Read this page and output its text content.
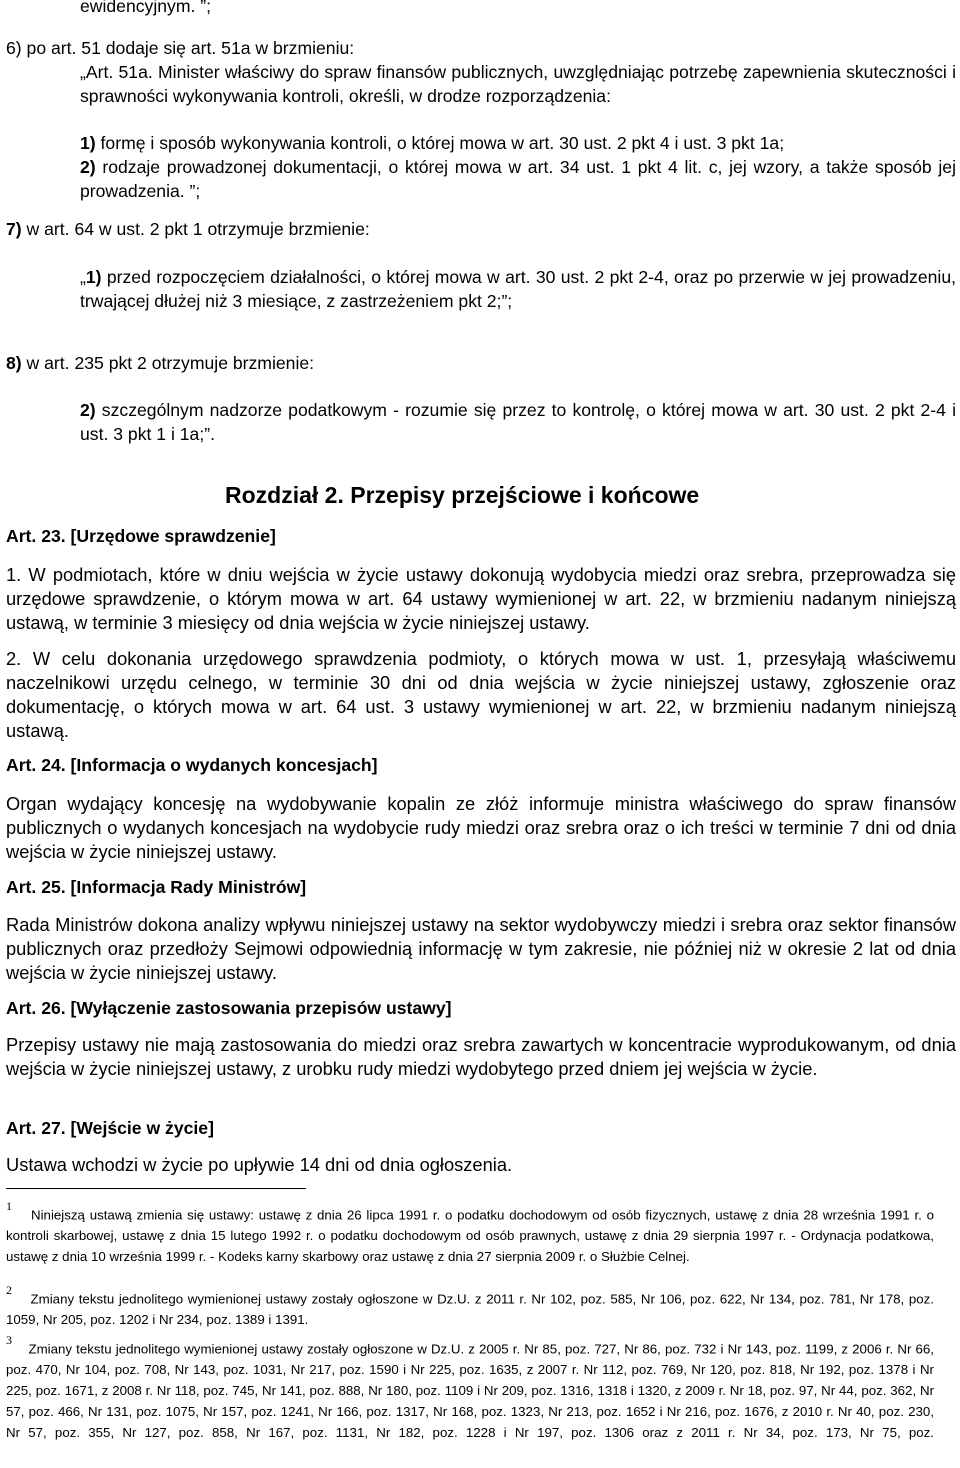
ewidencyjnym. ”;
6) po art. 51 dodaje się art. 51a w brzmieniu:
„Art. 51a. Minister właściwy do spraw finansów publicznych, uwzględniając potrzebę zapewnienia skuteczności i sprawności wykonywania kontroli, określi, w drodze rozporządzenia:
1) formę i sposób wykonywania kontroli, o której mowa w art. 30 ust. 2 pkt 4 i ust. 3 pkt 1a;
2) rodzaje prowadzonej dokumentacji, o której mowa w art. 34 ust. 1 pkt 4 lit. c, jej wzory, a także sposób jej prowadzenia. ”;
7) w art. 64 w ust. 2 pkt 1 otrzymuje brzmienie:
„1) przed rozpoczęciem działalności, o której mowa w art. 30 ust. 2 pkt 2-4, oraz po przerwie w jej prowadzeniu, trwającej dłużej niż 3 miesiące, z zastrzeżeniem pkt 2;”;
8) w art. 235 pkt 2 otrzymuje brzmienie:
2) szczególnym nadzorze podatkowym - rozumie się przez to kontrolę, o której mowa w art. 30 ust. 2 pkt 2-4 i ust. 3 pkt 1 i 1a;”.
Rozdział 2. Przepisy przejściowe i końcowe
Art. 23. [Urzędowe sprawdzenie]
1. W podmiotach, które w dniu wejścia w życie ustawy dokonują wydobycia miedzi oraz srebra, przeprowadza się urzędowe sprawdzenie, o którym mowa w art. 64 ustawy wymienionej w art. 22, w brzmieniu nadanym niniejszą ustawą, w terminie 3 miesięcy od dnia wejścia w życie niniejszej ustawy.
2. W celu dokonania urzędowego sprawdzenia podmioty, o których mowa w ust. 1, przesyłają właściwemu naczelnikowi urzędu celnego, w terminie 30 dni od dnia wejścia w życie niniejszej ustawy, zgłoszenie oraz dokumentację, o których mowa w art. 64 ust. 3 ustawy wymienionej w art. 22, w brzmieniu nadanym niniejszą ustawą.
Art. 24. [Informacja o wydanych koncesjach]
Organ wydający koncesję na wydobywanie kopalin ze złóż informuje ministra właściwego do spraw finansów publicznych o wydanych koncesjach na wydobycie rudy miedzi oraz srebra oraz o ich treści w terminie 7 dni od dnia wejścia w życie niniejszej ustawy.
Art. 25. [Informacja Rady Ministrów]
Rada Ministrów dokona analizy wpływu niniejszej ustawy na sektor wydobywczy miedzi i srebra oraz sektor finansów publicznych oraz przedłoży Sejmowi odpowiednią informację w tym zakresie, nie później niż w okresie 2 lat od dnia wejścia w życie niniejszej ustawy.
Art. 26. [Wyłączenie zastosowania przepisów ustawy]
Przepisy ustawy nie mają zastosowania do miedzi oraz srebra zawartych w koncentracie wyprodukowanym, od dnia wejścia w życie niniejszej ustawy, z urobku rudy miedzi wydobytego przed dniem jej wejścia w życie.
Art. 27. [Wejście w życie]
Ustawa wchodzi w życie po upływie 14 dni od dnia ogłoszenia.
$^1$    Niniejszą ustawą zmienia się ustawy: ustawę z dnia 26 lipca 1991 r. o podatku dochodowym od osób fizycznych, ustawę z dnia 28 września 1991 r. o kontroli skarbowej, ustawę z dnia 15 lutego 1992 r. o podatku dochodowym od osób prawnych, ustawę z dnia 29 sierpnia 1997 r. - Ordynacja podatkowa, ustawę z dnia 10 września 1999 r. - Kodeks karny skarbowy oraz ustawę z dnia 27 sierpnia 2009 r. o Służbie Celnej.
$^2$    Zmiany tekstu jednolitego wymienionej ustawy zostały ogłoszone w Dz.U. z 2011 r. Nr 102, poz. 585, Nr 106, poz. 622, Nr 134, poz. 781, Nr 178, poz. 1059, Nr 205, poz. 1202 i Nr 234, poz. 1389 i 1391.
$^3$    Zmiany tekstu jednolitego wymienionej ustawy zostały ogłoszone w Dz.U. z 2005 r. Nr 85, poz. 727, Nr 86, poz. 732 i Nr 143, poz. 1199, z 2006 r. Nr 66, poz. 470, Nr 104, poz. 708, Nr 143, poz. 1031, Nr 217, poz. 1590 i Nr 225, poz. 1635, z 2007 r. Nr 112, poz. 769, Nr 120, poz. 818, Nr 192, poz. 1378 i Nr 225, poz. 1671, z 2008 r. Nr 118, poz. 745, Nr 141, poz. 888, Nr 180, poz. 1109 i Nr 209, poz. 1316, 1318 i 1320, z 2009 r. Nr 18, poz. 97, Nr 44, poz. 362, Nr 57, poz. 466, Nr 131, poz. 1075, Nr 157, poz. 1241, Nr 166, poz. 1317, Nr 168, poz. 1323, Nr 213, poz. 1652 i Nr 216, poz. 1676, z 2010 r. Nr 40, poz. 230, Nr 57, poz. 355, Nr 127, poz. 858, Nr 167, poz. 1131, Nr 182, poz. 1228 i Nr 197, poz. 1306 oraz z 2011 r. Nr 34, poz. 173, Nr 75, poz.
